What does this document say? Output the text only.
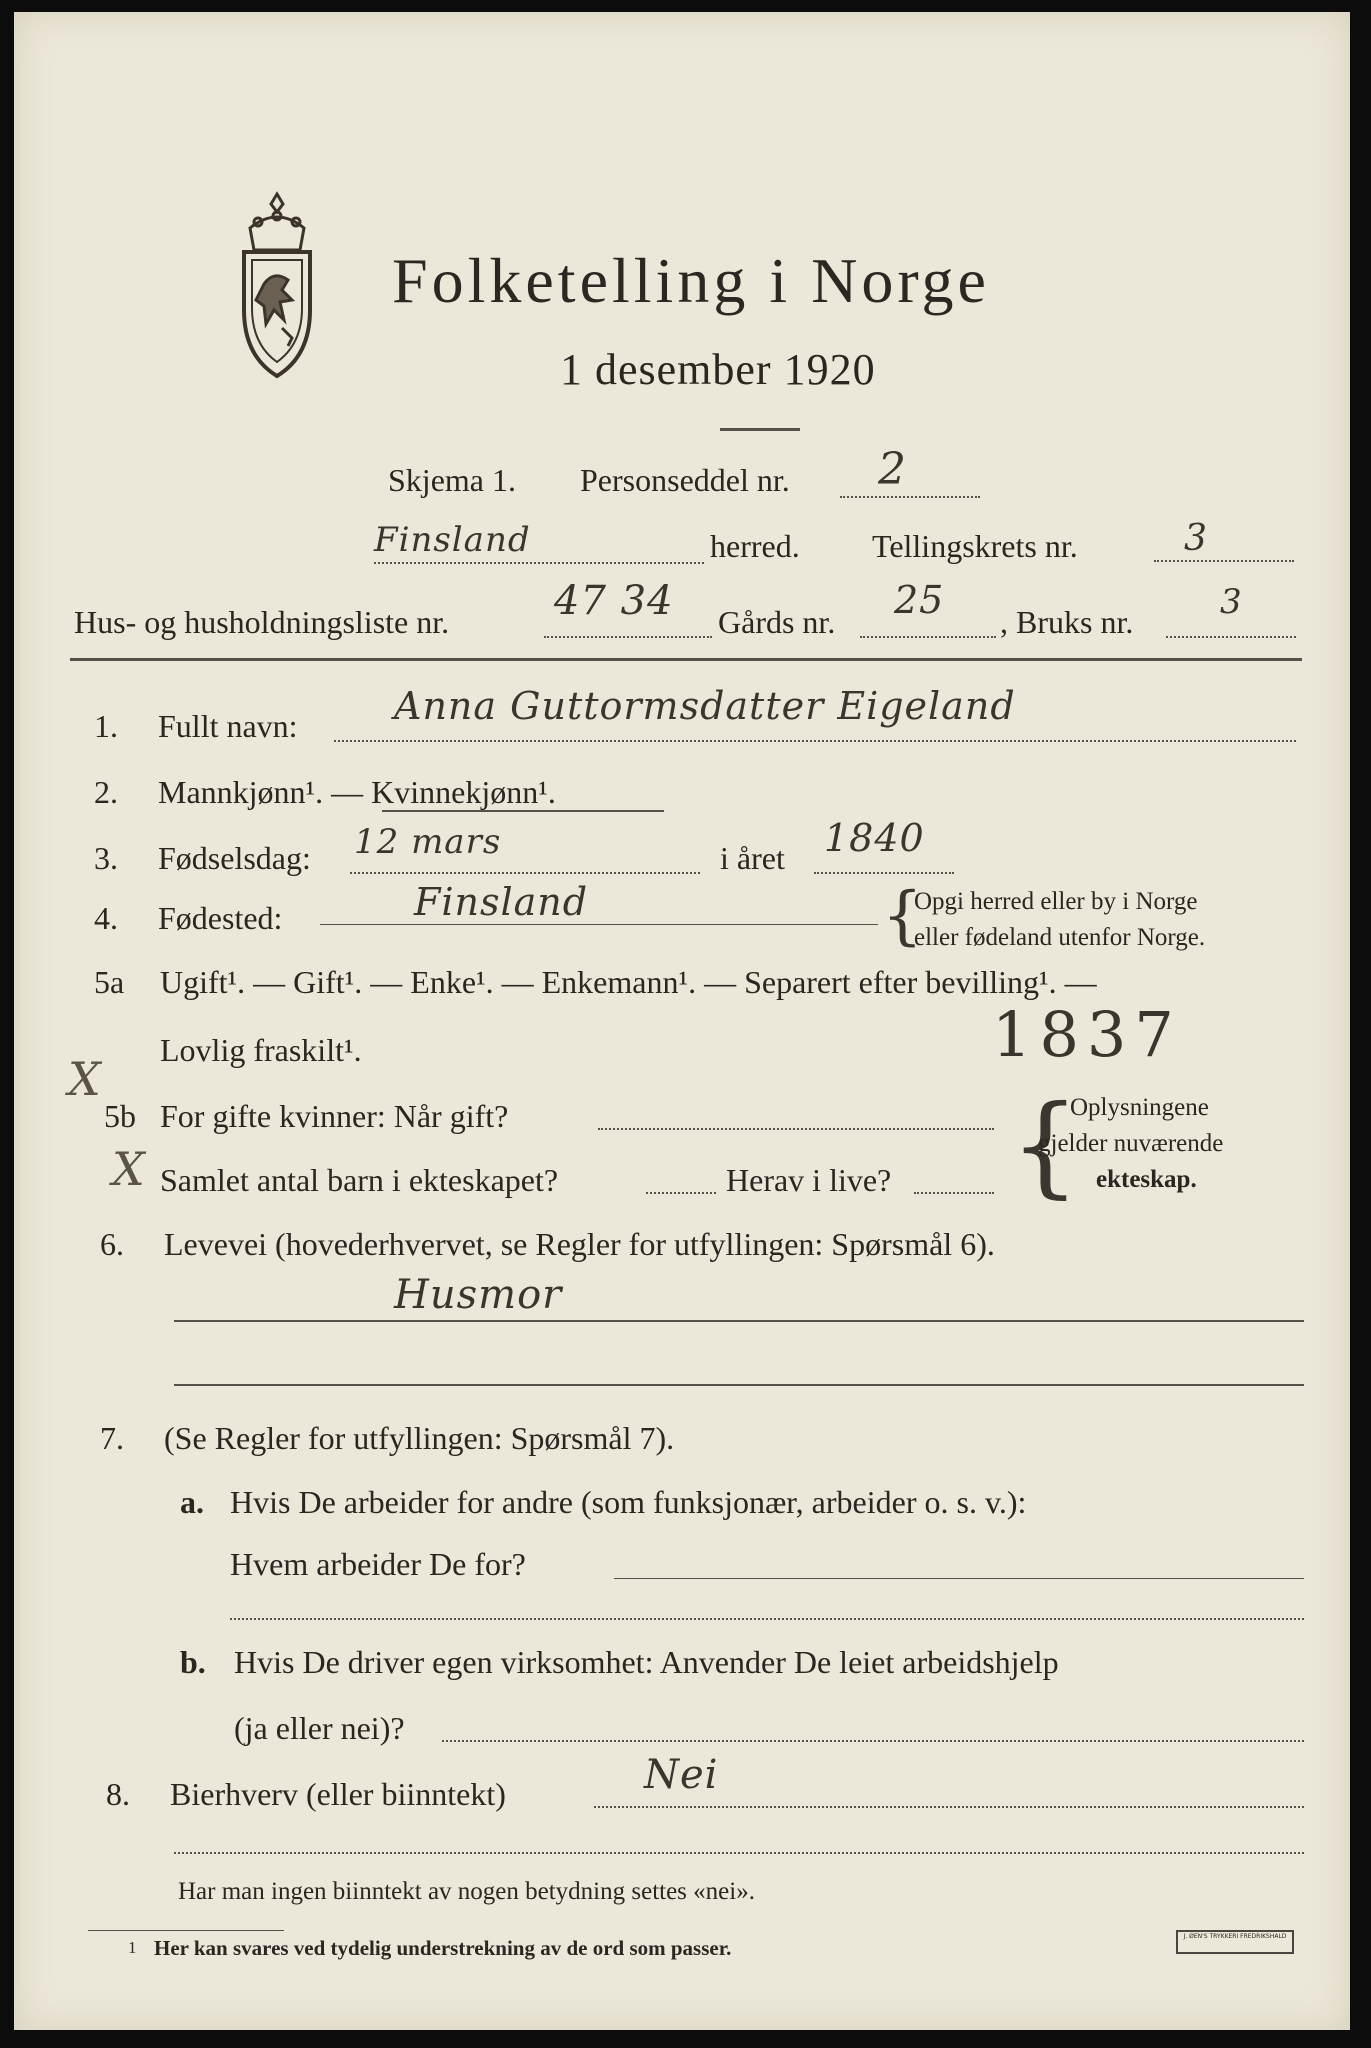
Folketelling i Norge
1 desember 1920
Skjema 1. Personseddel nr. 2
Finsland	herred. Tellingskrets nr.	3
Hus- og husholdningsliste nr.	47 34 Gårds nr. 25 , Bruks nr.	3
1. Fullt navn:	Anna Guttormsdatter Eigeland
2. Mannkjønn¹. — Kvinnekjønn¹.
3. Fødselsdag: 12 mars	i året 1840
4. Fødested:	Finsland	{
Opgi herred eller by i Norge
eller fødeland utenfor Norge.
5a Ugift¹. — Gift¹. — Enke¹. — Enkemann¹. — Separert efter bevilling¹. —
Lovlig fraskilt¹.	1837
X
X
5b For gifte kvinner: Når gift?
Samlet antal barn i ekteskapet?	Herav i live? {
Oplysningene
gjelder nuværende
ekteskap.
6. Levevei (hovederhvervet, se Regler for utfyllingen: Spørsmål 6).
Husmor
7. (Se Regler for utfyllingen: Spørsmål 7).
a. Hvis De arbeider for andre (som funksjonær, arbeider o. s. v.):
Hvem arbeider De for?
b. Hvis De driver egen virksomhet: Anvender De leiet arbeidshjelp
(ja eller nei)?
8. Bierhverv (eller biinntekt)	Nei
Har man ingen biinntekt av nogen betydning settes «nei».
1 Her kan svares ved tydelig understrekning av de ord som passer.	J. ØEN'S TRYKKERI FREDRIKSHALD
